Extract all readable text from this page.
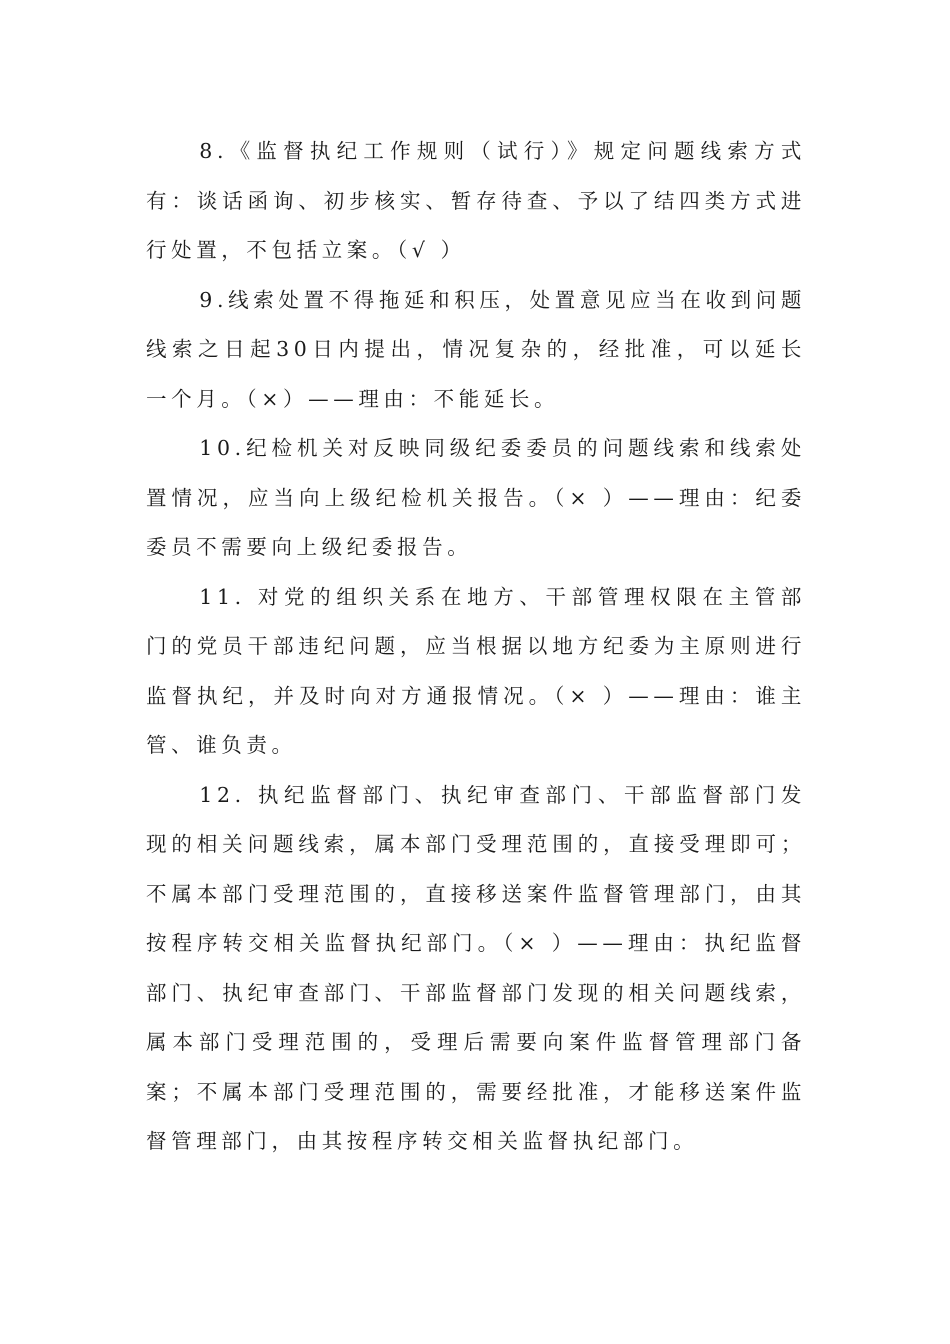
8.《监督执纪工作规则（试行）》规定问题线索方式有：谈话函询、初步核实、暂存待查、予以了结四类方式进行处置，不包括立案。（√ ）

9.线索处置不得拖延和积压，处置意见应当在收到问题线索之日起30日内提出，情况复杂的，经批准，可以延长一个月。（×）——理由：不能延长。

10.纪检机关对反映同级纪委委员的问题线索和线索处置情况，应当向上级纪检机关报告。（× ）——理由：纪委委员不需要向上级纪委报告。

11. 对党的组织关系在地方、干部管理权限在主管部门的党员干部违纪问题，应当根据以地方纪委为主原则进行监督执纪，并及时向对方通报情况。（× ）——理由：谁主管、谁负责。

12. 执纪监督部门、执纪审查部门、干部监督部门发现的相关问题线索，属本部门受理范围的，直接受理即可；不属本部门受理范围的，直接移送案件监督管理部门，由其按程序转交相关监督执纪部门。（× ）——理由：执纪监督部门、执纪审查部门、干部监督部门发现的相关问题线索，属本部门受理范围的，受理后需要向案件监督管理部门备案；不属本部门受理范围的，需要经批准，才能移送案件监督管理部门，由其按程序转交相关监督执纪部门。
